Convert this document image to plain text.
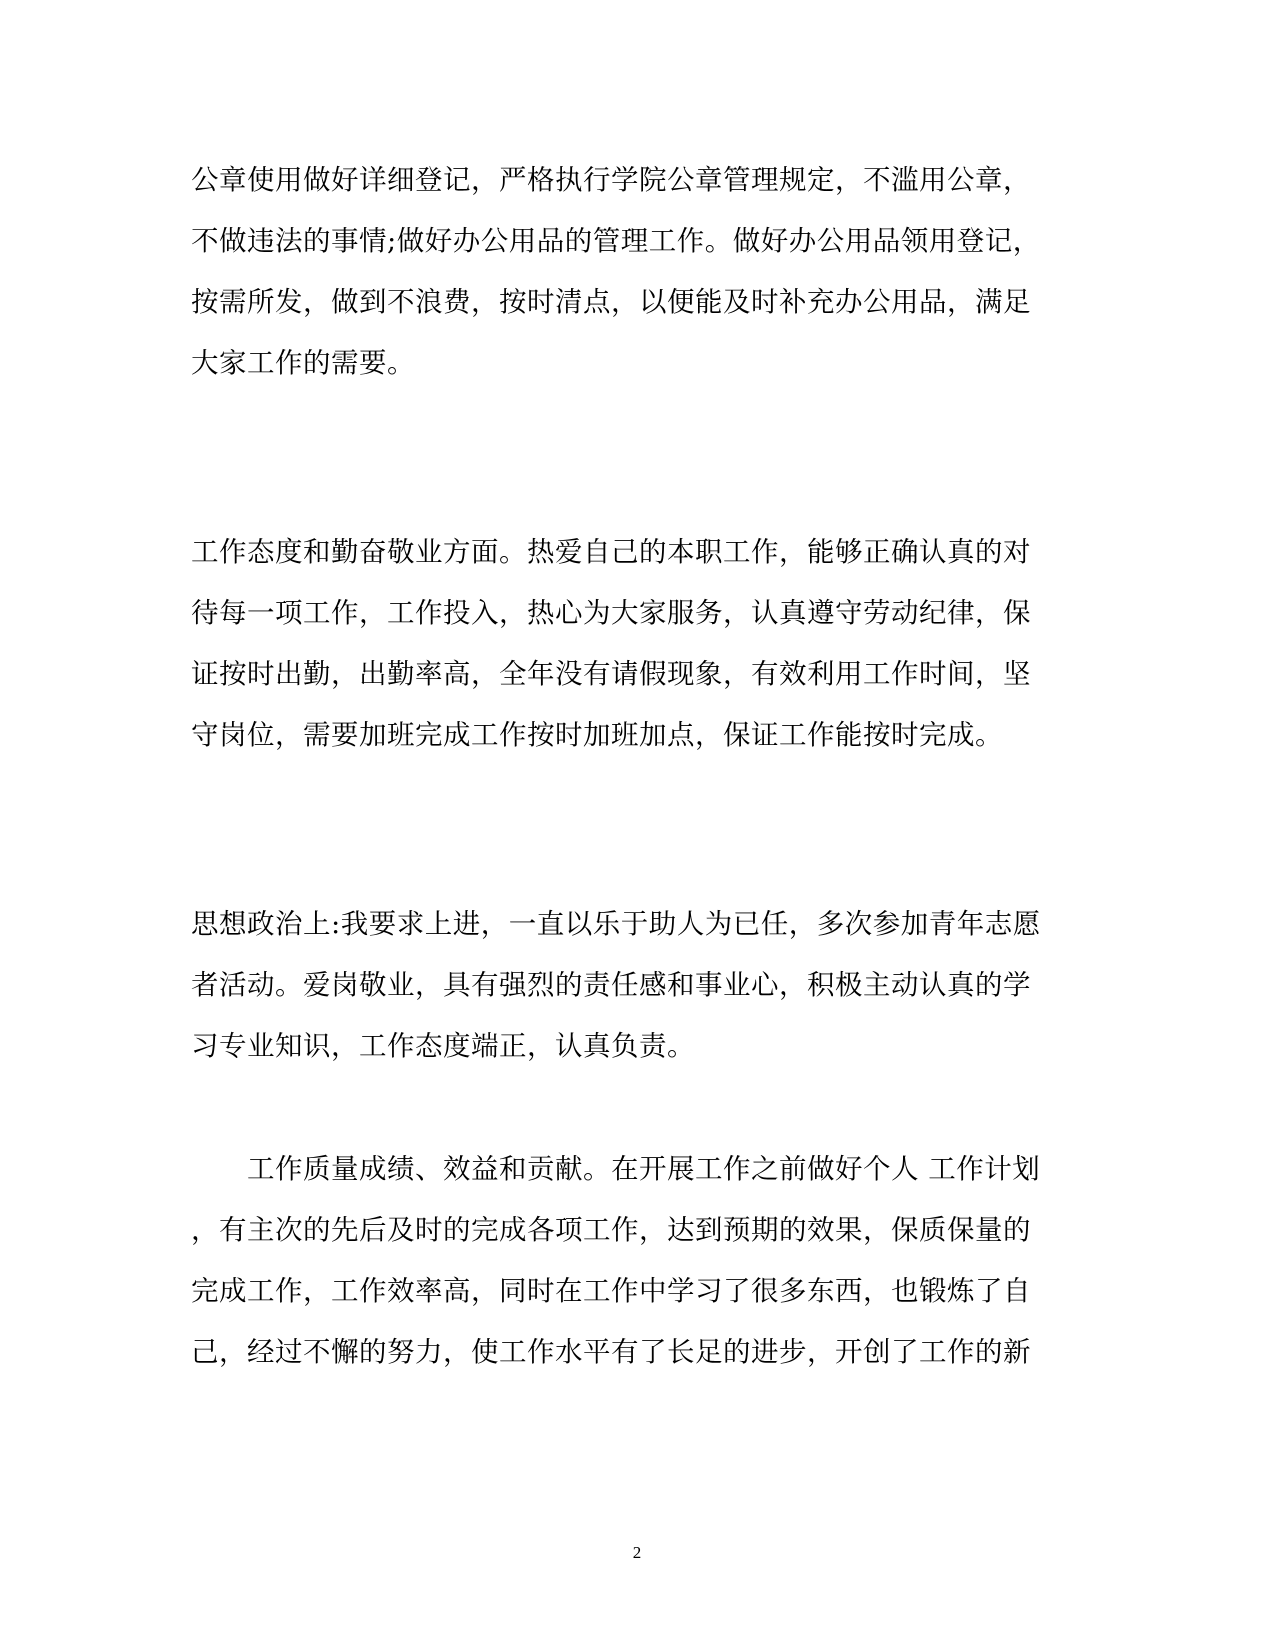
公章使用做好详细登记，严格执行学院公章管理规定，不滥用公章，

不做违法的事情;做好办公用品的管理工作。做好办公用品领用登记，

按需所发，做到不浪费，按时清点，以便能及时补充办公用品，满足

大家工作的需要。

工作态度和勤奋敬业方面。热爱自己的本职工作，能够正确认真的对

待每一项工作，工作投入，热心为大家服务，认真遵守劳动纪律，保

证按时出勤，出勤率高，全年没有请假现象，有效利用工作时间，坚

守岗位，需要加班完成工作按时加班加点，保证工作能按时完成。

思想政治上:我要求上进，一直以乐于助人为已任，多次参加青年志愿

者活动。爱岗敬业，具有强烈的责任感和事业心，积极主动认真的学

习专业知识，工作态度端正，认真负责。

　　工作质量成绩、效益和贡献。在开展工作之前做好个人 工作计划

，有主次的先后及时的完成各项工作，达到预期的效果，保质保量的

完成工作，工作效率高，同时在工作中学习了很多东西，也锻炼了自

己，经过不懈的努力，使工作水平有了长足的进步，开创了工作的新

2
